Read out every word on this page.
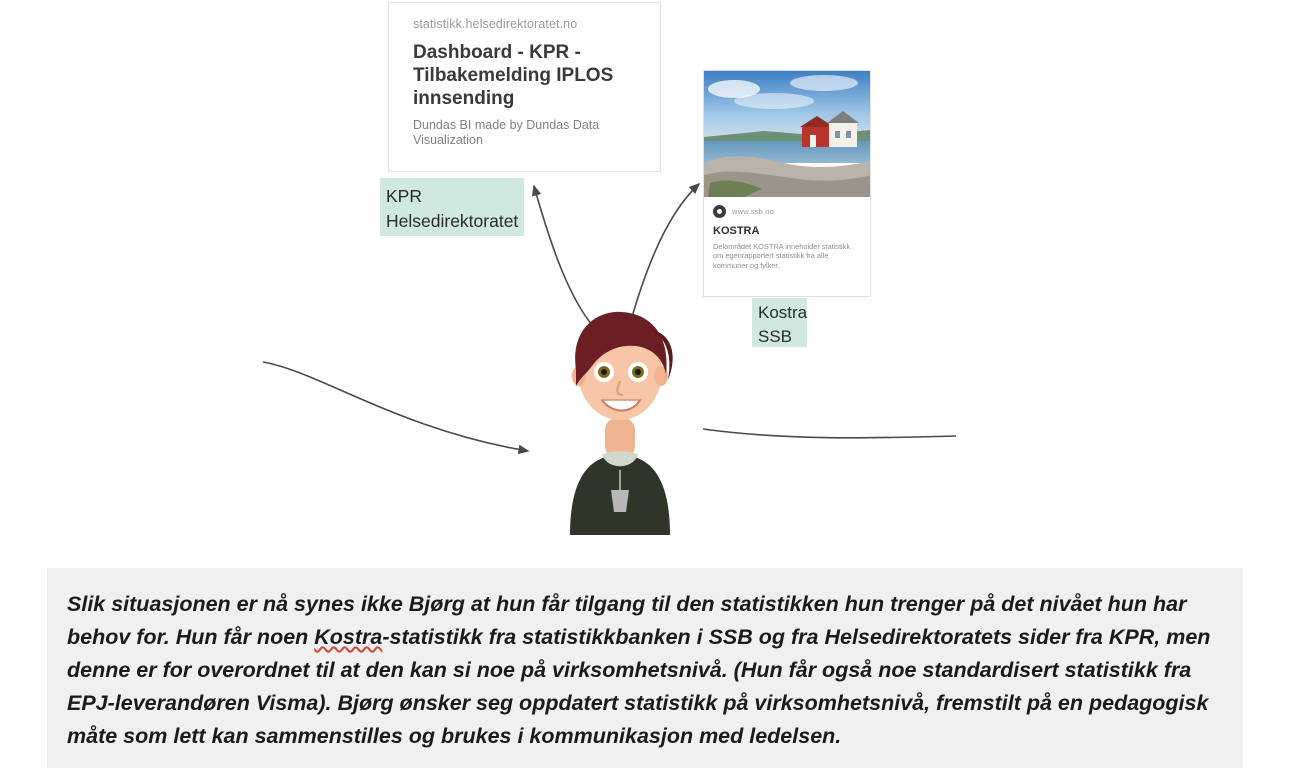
statistikk.helsedirektoratet.no
Dashboard - KPR - Tilbakemelding IPLOS innsending
Dundas BI made by Dundas Data Visualization
www.ssb.no
KOSTRA
Delområdet KOSTRA inneholder statistikk om egenrapportert statistikk fra alle kommuner og fylker.
KPR Helsedirektoratet
Kostra SSB

Slik situasjonen er nå synes ikke Bjørg at hun får tilgang til den statistikken hun trenger på det nivået hun har behov for. Hun får noen Kostra-statistikk fra statistikkbanken i SSB og fra Helsedirektoratets sider fra KPR, men denne er for overordnet til at den kan si noe på virksomhetsnivå. (Hun får også noe standardisert statistikk fra EPJ-leverandøren Visma). Bjørg ønsker seg oppdatert statistikk på virksomhetsnivå, fremstilt på en pedagogisk måte som lett kan sammenstilles og brukes i kommunikasjon med ledelsen.
